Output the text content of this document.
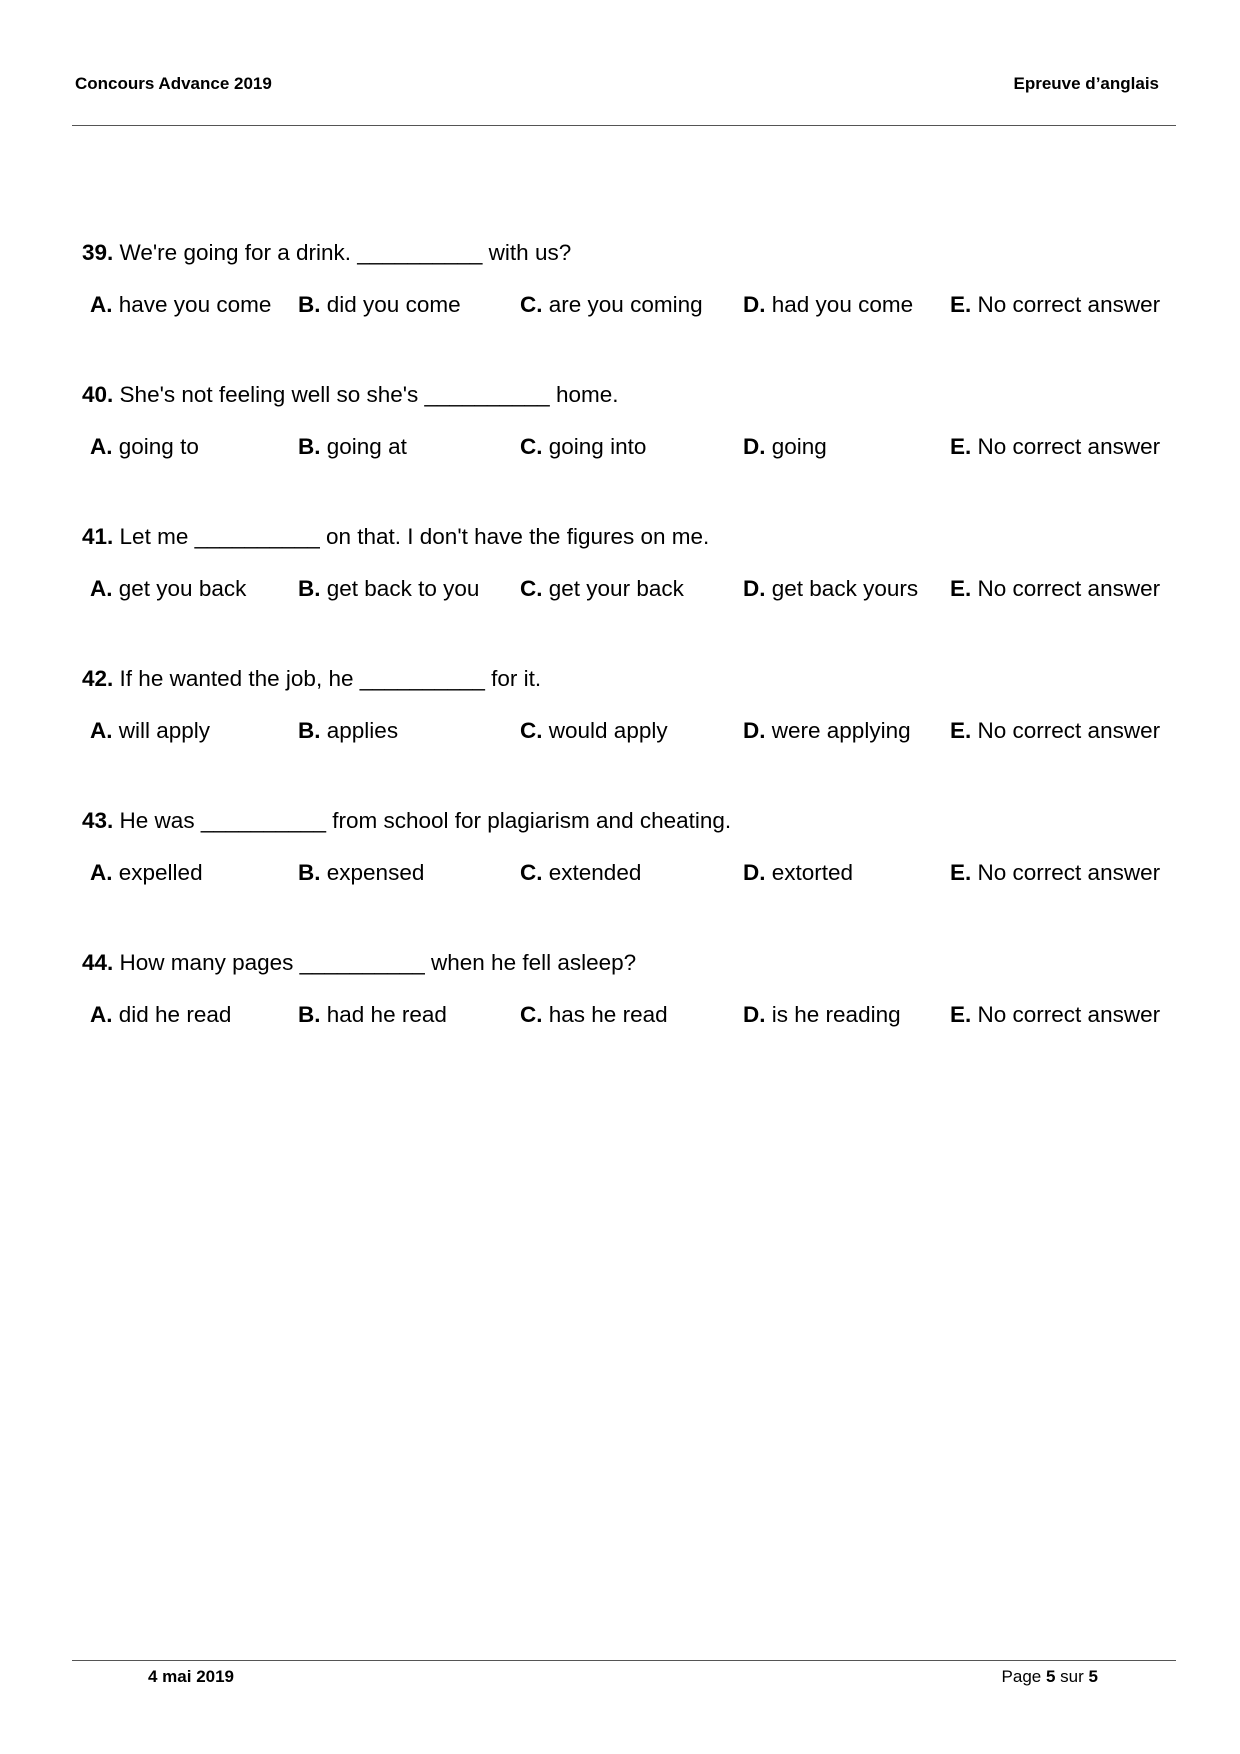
Concours Advance 2019	Epreuve d’anglais
39. We're going for a drink. __________ with us?
A. have you come B. did you come	C. are you coming D. had you come E. No correct answer
40. She's not feeling well so she's __________ home.
A. going to	B. going at	C. going into	D. going	E. No correct answer
41. Let me __________ on that. I don't have the figures on me.
A. get you back B. get back to you C. get your back	D. get back yours E. No correct answer
42. If he wanted the job, he __________ for it.
A. will apply	B. applies	C. would apply	D. were applying E. No correct answer
43. He was __________ from school for plagiarism and cheating.
A. expelled	B. expensed	C. extended	D. extorted	E. No correct answer
44. How many pages __________ when he fell asleep?
A. did he read	B. had he read	C. has he read	D. is he reading E. No correct answer
4 mai 2019	Page 5 sur 5
